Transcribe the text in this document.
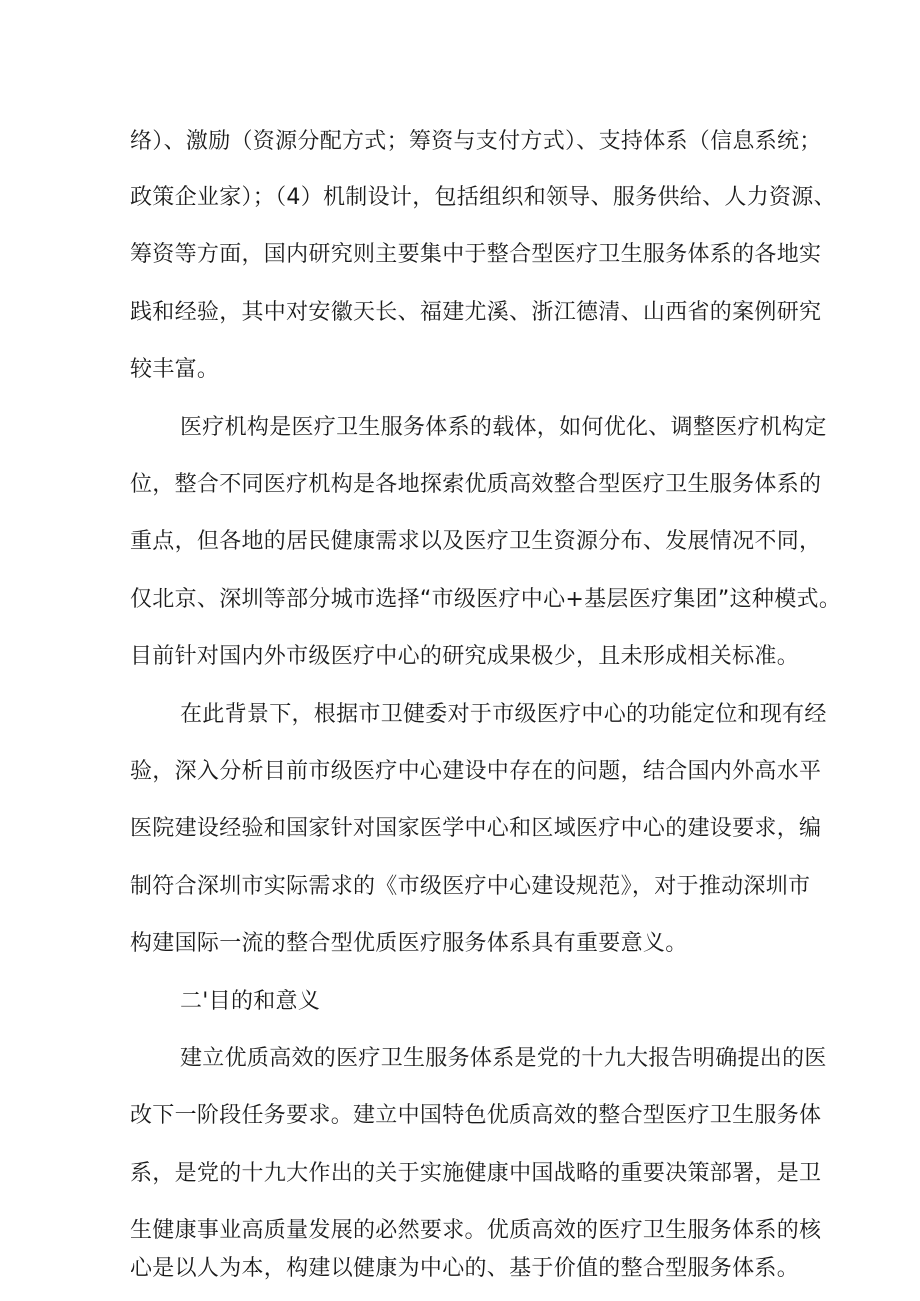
络）、激励（资源分配方式；筹资与支付方式）、支持体系（信息系统；

政策企业家）；（4）机制设计，包括组织和领导、服务供给、人力资源、

筹资等方面，国内研究则主要集中于整合型医疗卫生服务体系的各地实

践和经验，其中对安徽天长、福建尤溪、浙江德清、山西省的案例研究

较丰富。

医疗机构是医疗卫生服务体系的载体，如何优化、调整医疗机构定

位，整合不同医疗机构是各地探索优质高效整合型医疗卫生服务体系的

重点，但各地的居民健康需求以及医疗卫生资源分布、发展情况不同，

仅北京、深圳等部分城市选择“市级医疗中心+基层医疗集团”这种模式。

目前针对国内外市级医疗中心的研究成果极少，且未形成相关标准。

在此背景下，根据市卫健委对于市级医疗中心的功能定位和现有经

验，深入分析目前市级医疗中心建设中存在的问题，结合国内外高水平

医院建设经验和国家针对国家医学中心和区域医疗中心的建设要求，编

制符合深圳市实际需求的《市级医疗中心建设规范》，对于推动深圳市

构建国际一流的整合型优质医疗服务体系具有重要意义。

二'目的和意义

建立优质高效的医疗卫生服务体系是党的十九大报告明确提出的医

改下一阶段任务要求。建立中国特色优质高效的整合型医疗卫生服务体

系，是党的十九大作出的关于实施健康中国战略的重要决策部署，是卫

生健康事业高质量发展的必然要求。优质高效的医疗卫生服务体系的核

心是以人为本，构建以健康为中心的、基于价值的整合型服务体系。
